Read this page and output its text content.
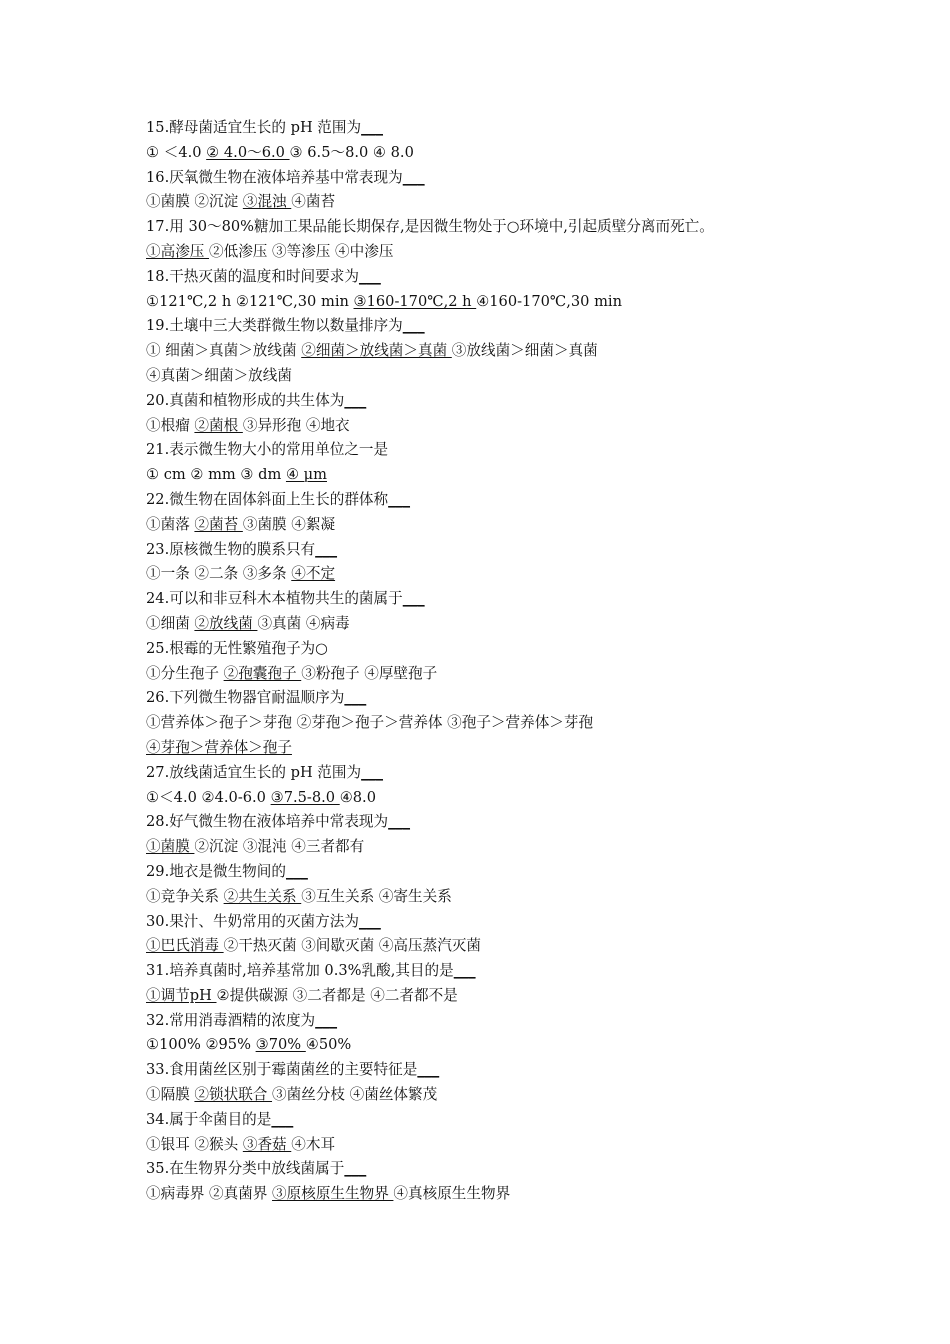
15.酵母菌适宜生长的 pH 范围为___
① ＜4.0 ② 4.0～6.0 ③ 6.5～8.0 ④ 8.0
16.厌氧微生物在液体培养基中常表现为___
①菌膜 ②沉淀 ③混浊 ④菌苔
17.用 30～80%糖加工果品能长期保存,是因微生物处于○环境中,引起质壁分离而死亡。
①高渗压 ②低渗压 ③等渗压 ④中渗压
18.干热灭菌的温度和时间要求为___
①121℃,2 h ②121℃,30 min ③160-170℃,2 h ④160-170℃,30 min
19.土壤中三大类群微生物以数量排序为___
① 细菌＞真菌＞放线菌 ②细菌＞放线菌＞真菌 ③放线菌＞细菌＞真菌
④真菌＞细菌＞放线菌
20.真菌和植物形成的共生体为___
①根瘤 ②菌根 ③异形孢 ④地衣
21.表示微生物大小的常用单位之一是
① cm ② mm ③ dm ④ μm
22.微生物在固体斜面上生长的群体称___
①菌落 ②菌苔 ③菌膜 ④絮凝
23.原核微生物的膜系只有___
①一条 ②二条 ③多条 ④不定
24.可以和非豆科木本植物共生的菌属于___
①细菌 ②放线菌 ③真菌 ④病毒
25.根霉的无性繁殖孢子为○
①分生孢子 ②孢囊孢子 ③粉孢子 ④厚壁孢子
26.下列微生物器官耐温顺序为___
①营养体＞孢子＞芽孢 ②芽孢＞孢子＞营养体 ③孢子＞营养体＞芽孢
④芽孢＞营养体＞孢子
27.放线菌适宜生长的 pH 范围为___
①＜4.0 ②4.0-6.0 ③7.5-8.0 ④8.0
28.好气微生物在液体培养中常表现为___
①菌膜 ②沉淀 ③混沌 ④三者都有
29.地衣是微生物间的___
①竞争关系 ②共生关系 ③互生关系 ④寄生关系
30.果汁、牛奶常用的灭菌方法为___
①巴氏消毒 ②干热灭菌 ③间歇灭菌 ④高压蒸汽灭菌
31.培养真菌时,培养基常加 0.3%乳酸,其目的是___
①调节pH ②提供碳源 ③二者都是 ④二者都不是
32.常用消毒酒精的浓度为___
①100% ②95% ③70% ④50%
33.食用菌丝区别于霉菌菌丝的主要特征是___
①隔膜 ②锁状联合 ③菌丝分枝 ④菌丝体繁茂
34.属于伞菌目的是___
①银耳 ②猴头 ③香菇 ④木耳
35.在生物界分类中放线菌属于___
①病毒界 ②真菌界 ③原核原生生物界 ④真核原生生物界
